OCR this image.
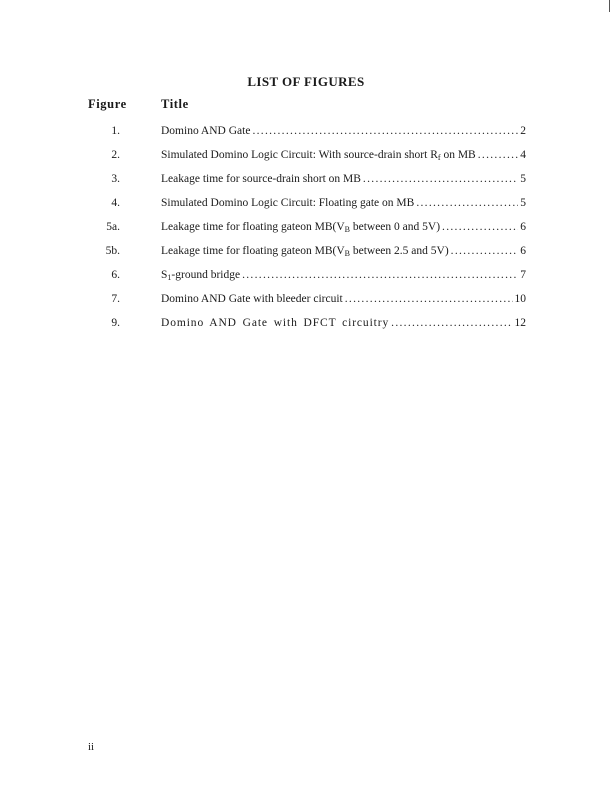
LIST OF FIGURES
Figure	Title
1.	Domino AND Gate .....	2
2.	Simulated Domino Logic Circuit: With source-drain short $R_f$ on MB .....	4
3.	Leakage time for source-drain short on MB .....	5
4.	Simulated Domino Logic Circuit: Floating gate on MB .....	5
5a.	Leakage time for floating gateon $MB(V_B$ between 0 and 5V) .....	6
5b.	Leakage time for floating gateon $MB(V_B$ between 2.5 and 5V) .....	6
6.	$S_1$-ground bridge .....	7
7.	Domino AND Gate with bleeder circuit .....	10
9.	Domino AND Gate with DFCT circuitry .....	12
ii
